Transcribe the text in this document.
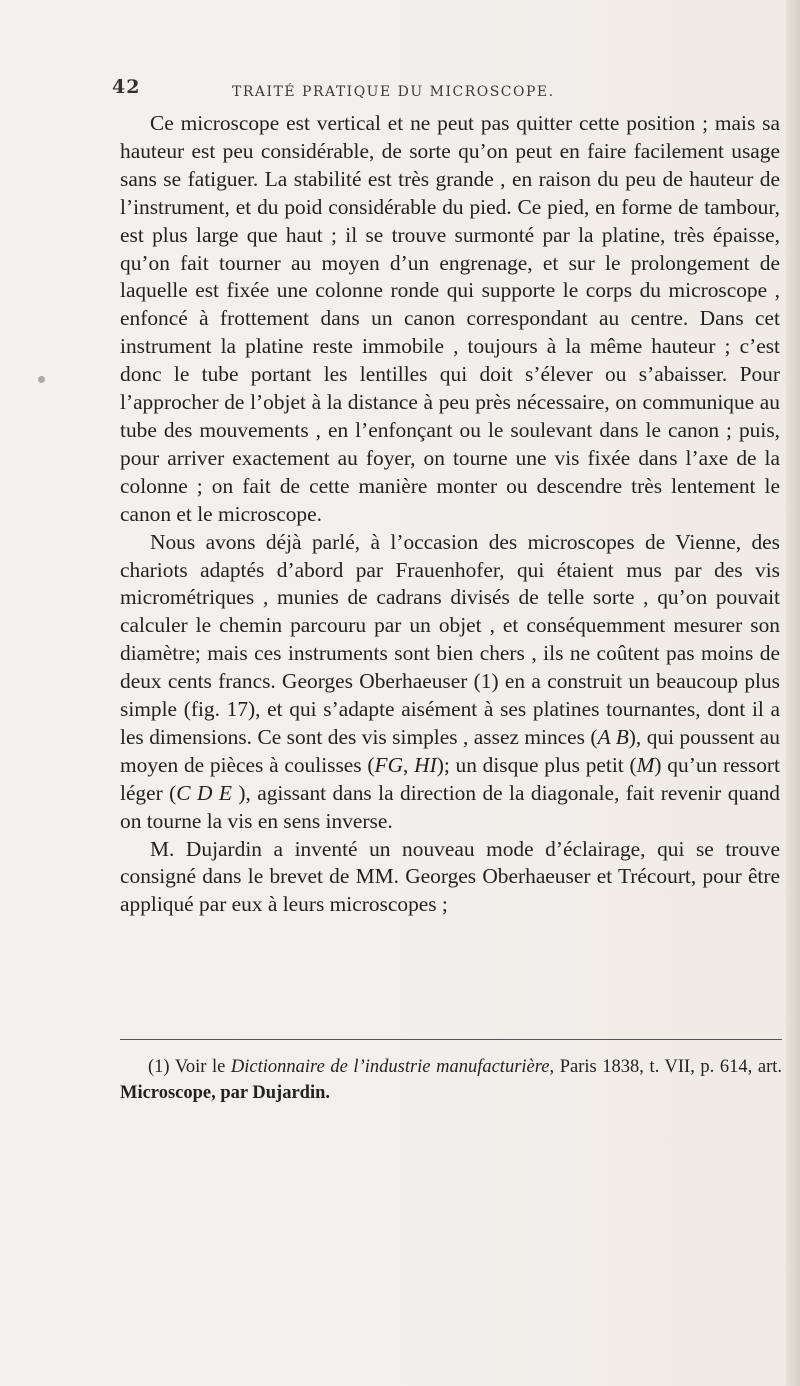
42	TRAITÉ PRATIQUE DU MICROSCOPE.

Ce microscope est vertical et ne peut pas quitter cette position ; mais sa hauteur est peu considérable, de sorte qu’on peut en faire facilement usage sans se fatiguer. La stabilité est très grande , en raison du peu de hauteur de l’instrument, et du poid considérable du pied. Ce pied, en forme de tambour, est plus large que haut ; il se trouve surmonté par la platine, très épaisse, qu’on fait tourner au moyen d’un engrenage, et sur le prolongement de laquelle est fixée une colonne ronde qui supporte le corps du microscope , enfoncé à frottement dans un canon correspondant au centre. Dans cet instrument la platine reste immobile , toujours à la même hauteur ; c’est donc le tube portant les lentilles qui doit s’élever ou s’abaisser. Pour l’approcher de l’objet à la distance à peu près nécessaire, on communique au tube des mouvements , en l’enfonçant ou le soulevant dans le canon ; puis, pour arriver exactement au foyer, on tourne une vis fixée dans l’axe de la colonne ; on fait de cette manière monter ou descendre très lentement le canon et le microscope.

Nous avons déjà parlé, à l’occasion des microscopes de Vienne, des chariots adaptés d’abord par Frauenhofer, qui étaient mus par des vis micrométriques , munies de cadrans divisés de telle sorte , qu’on pouvait calculer le chemin parcouru par un objet , et conséquemment mesurer son diamètre; mais ces instruments sont bien chers , ils ne coûtent pas moins de deux cents francs. Georges Oberhaeuser (1) en a construit un beaucoup plus simple (fig. 17), et qui s’adapte aisément à ses platines tournantes, dont il a les dimensions. Ce sont des vis simples , assez minces (A B), qui poussent au moyen de pièces à coulisses (FG, HI); un disque plus petit (M) qu’un ressort léger (C D E ), agissant dans la direction de la diagonale, fait revenir quand on tourne la vis en sens inverse.

M. Dujardin a inventé un nouveau mode d’éclairage, qui se trouve consigné dans le brevet de MM. Georges Oberhaeuser et Trécourt, pour être appliqué par eux à leurs microscopes ;

(1) Voir le Dictionnaire de l’industrie manufacturière, Paris 1838, t. VII, p. 614, art. Microscope, par Dujardin.
